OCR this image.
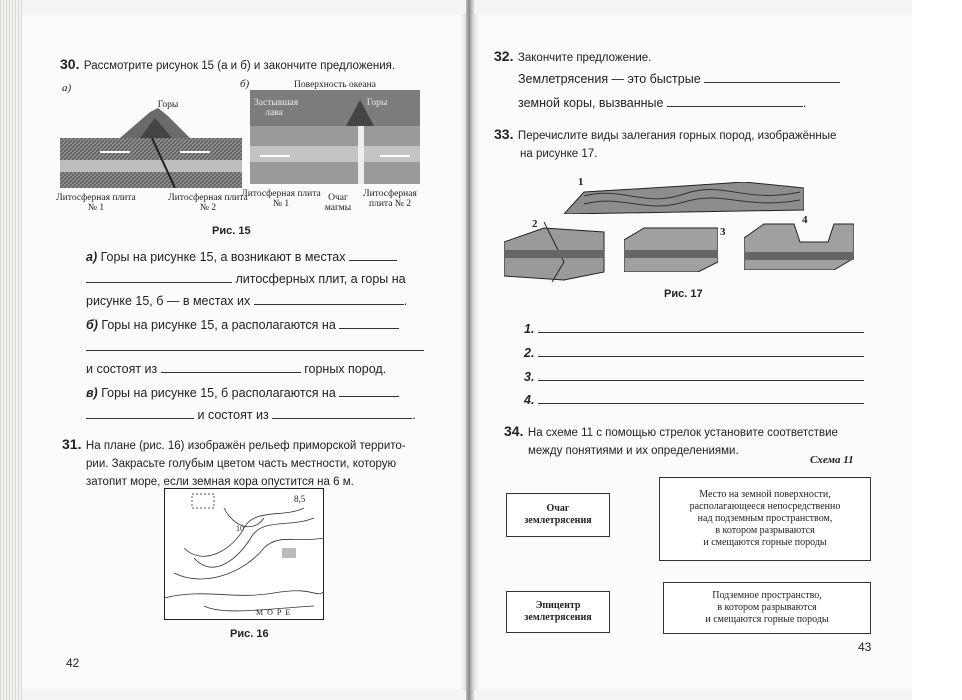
30. Рассмотрите рисунок 15 (а и б) и закончите предложения.
а)
Горы
Литосферная плита № 1
Литосферная плита № 2
б)	Поверхность океана
Застывшая лава
Горы
Литосферная плита № 1
Очаг магмы
Литосферная плита № 2
Рис. 15
а) Горы на рисунке 15, а возникают в местах
литосферных плит, а горы на
рисунке 15, б — в местах их	.
б) Горы на рисунке 15, а располагаются на
и состоят из	горных пород.
в) Горы на рисунке 15, б располагаются на
и состоят из	.
31. На плане (рис. 16) изображён рельеф приморской террито-
рии. Закрасьте голубым цветом часть местности, которую
затопит море, если земная кора опустится на 6 м.
8,5
10
М О Р Е
Рис. 16
42
32. Закончите предложение.
Землетрясения — это быстрые
земной коры, вызванные	.
33. Перечислите виды залегания горных пород, изображённые
на рисунке 17.
1
2
3
4
Рис. 17
1.
2.
3.
4.
34. На схеме 11 с помощью стрелок установите соответствие
между понятиями и их определениями.
Схема 11
Очаг
землетрясения
Эпицентр
землетрясения
Место на земной поверхности,
располагающееся непосредственно
над подземным пространством,
в котором разрываются
и смещаются горные породы
Подземное пространство,
в котором разрываются
и смещаются горные породы
43
